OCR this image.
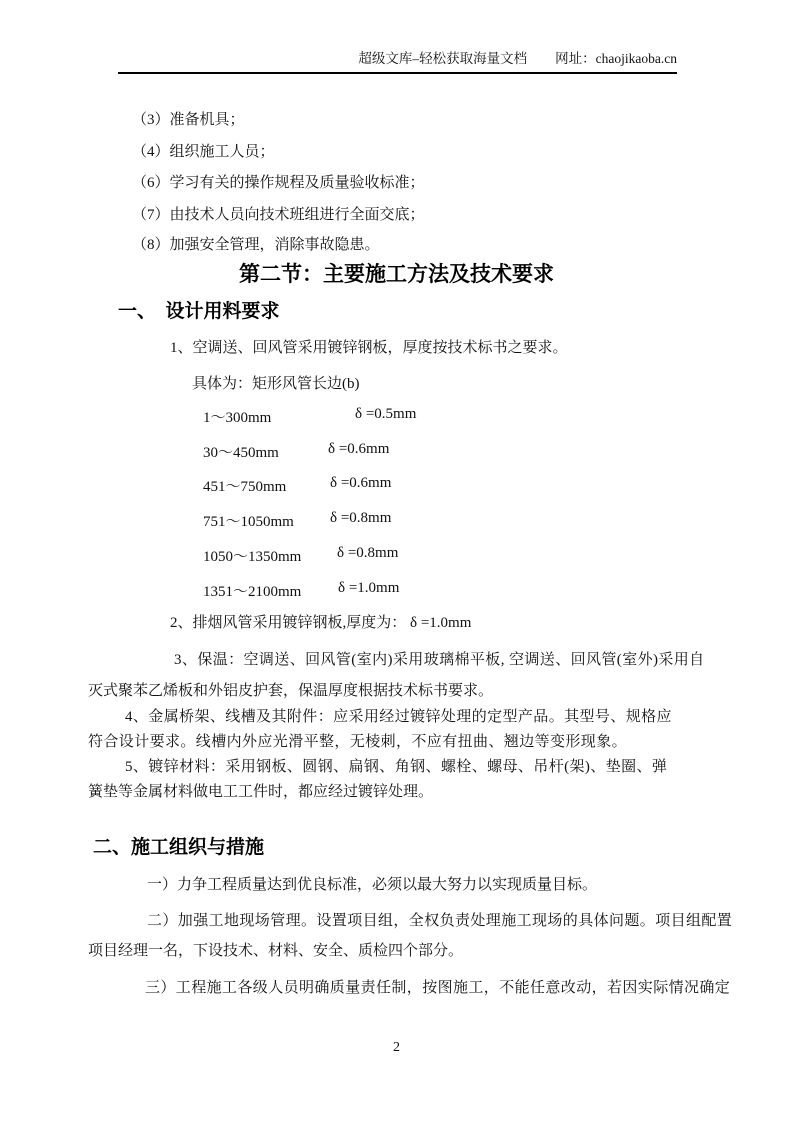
超级文库–轻松获取海量文档 网址：chaojikaoba.cn
（3）准备机具；
（4）组织施工人员；
（6）学习有关的操作规程及质量验收标准；
（7）由技术人员向技术班组进行全面交底；
（8）加强安全管理，消除事故隐患。
第二节：主要施工方法及技术要求
一、　设计用料要求
1、空调送、回风管采用镀锌钢板，厚度按技术标书之要求。
具体为：矩形风管长边(b)
1～300mm	δ =0.5mm
30～450mm	δ =0.6mm
451～750mm	δ =0.6mm
751～1050mm δ =0.8mm
1050～1350mm δ =0.8mm
1351～2100mm δ =1.0mm
2、排烟风管采用镀锌钢板,厚度为： δ =1.0mm
3、保温：空调送、回风管(室内)采用玻璃棉平板, 空调送、回风管(室外)采用自
灭式聚苯乙烯板和外铝皮护套，保温厚度根据技术标书要求。
4、金属桥架、线槽及其附件：应采用经过镀锌处理的定型产品。其型号、规格应
符合设计要求。线槽内外应光滑平整，无棱刺，不应有扭曲、翘边等变形现象。
5、镀锌材料：采用钢板、圆钢、扁钢、角钢、螺栓、螺母、吊杆(架)、垫圈、弹
簧垫等金属材料做电工工件时，都应经过镀锌处理。
二、施工组织与措施
一）力争工程质量达到优良标准，必须以最大努力以实现质量目标。
二）加强工地现场管理。设置项目组，全权负责处理施工现场的具体问题。项目组配置
项目经理一名，下设技术、材料、安全、质检四个部分。
三）工程施工各级人员明确质量责任制，按图施工，不能任意改动，若因实际情况确定
2
